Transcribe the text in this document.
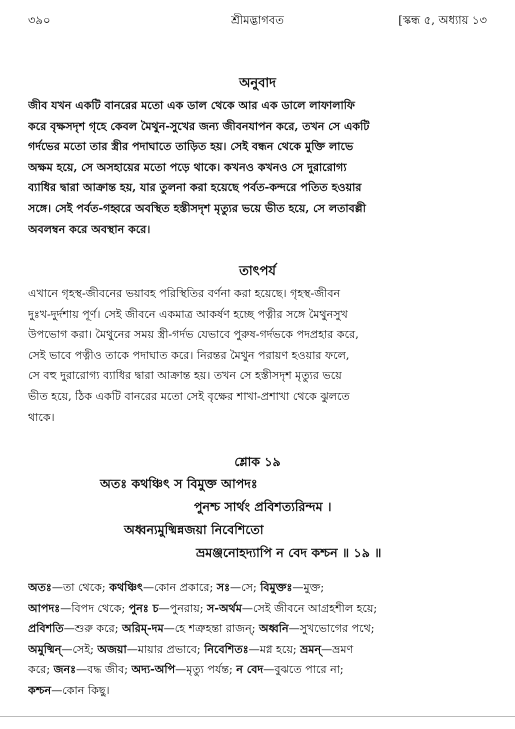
৩৯০	শ্রীমদ্ভাগবত	[স্কন্ধ ৫, অধ্যায় ১৩
অনুবাদ
জীব যখন একটি বানরের মতো এক ডাল থেকে আর এক ডালে লাফালাফি
করে বৃক্ষসদৃশ গৃহে কেবল মৈথুন-সুখের জন্য জীবনযাপন করে, তখন সে একটি
গর্দভের মতো তার স্ত্রীর পদাঘাতে তাড়িত হয়। সেই বন্ধন থেকে মুক্তি লাভে
অক্ষম হয়ে, সে অসহায়ের মতো পড়ে থাকে। কখনও কখনও সে দুরারোগ্য
ব্যাধির দ্বারা আক্রান্ত হয়, যার তুলনা করা হয়েছে পর্বত-কন্দরে পতিত হওয়ার
সঙ্গে। সেই পর্বত-গহ্বরে অবস্থিত হস্তীসদৃশ মৃত্যুর ভয়ে ভীত হয়ে, সে লতাবল্লী
অবলম্বন করে অবস্থান করে।
তাৎপর্য
এখানে গৃহস্থ-জীবনের ভয়াবহ পরিস্থিতির বর্ণনা করা হয়েছে। গৃহস্থ-জীবন
দুঃখ-দুর্দশায় পূর্ণ। সেই জীবনে একমাত্র আকর্ষণ হচ্ছে পত্নীর সঙ্গে মৈথুনসুখ
উপভোগ করা। মৈথুনের সময় স্ত্রী-গর্দভ যেভাবে পুরুষ-গর্দভকে পদপ্রহার করে,
সেই ভাবে পত্নীও তাকে পদাঘাত করে। নিরন্তর মৈথুন পরায়ণ হওয়ার ফলে,
সে বহু দুরারোগ্য ব্যাধির দ্বারা আক্রান্ত হয়। তখন সে হস্তীসদৃশ মৃত্যুর ভয়ে
ভীত হয়ে, ঠিক একটি বানরের মতো সেই বৃক্ষের শাখা-প্রশাখা থেকে ঝুলতে
থাকে।
শ্লোক ১৯
অতঃ কথঞ্চিৎ স বিমুক্ত আপদঃ
পুনশ্চ সার্থং প্রবিশত্যরিন্দম ।
অধ্বন্যমুষ্মিন্নজয়া নিবেশিতো
ভ্রমঞ্জনোহদ্যাপি ন বেদ কশ্চন ॥ ১৯ ॥
অতঃ—তা থেকে; কথঞ্চিৎ—কোন প্রকারে; সঃ—সে; বিমুক্তঃ—মুক্ত;
আপদঃ—বিপদ থেকে; পুনঃ চ—পুনরায়; স-অর্থম—সেই জীবনে আগ্রহশীল হয়ে;
প্রবিশতি—শুরু করে; অরিম্-দম—হে শত্রুহন্তা রাজন্; অধ্বনি—সুখভোগের পথে;
অমুষ্মিন্—সেই; অজয়া—মায়ার প্রভাবে; নিবেশিতঃ—মগ্ন হয়ে; ভ্রমন্—ভ্রমণ
করে; জনঃ—বদ্ধ জীব; অদ্য-অপি—মৃত্যু পর্যন্ত; ন বেদ—বুঝতে পারে না;
কশ্চন—কোন কিছু।
